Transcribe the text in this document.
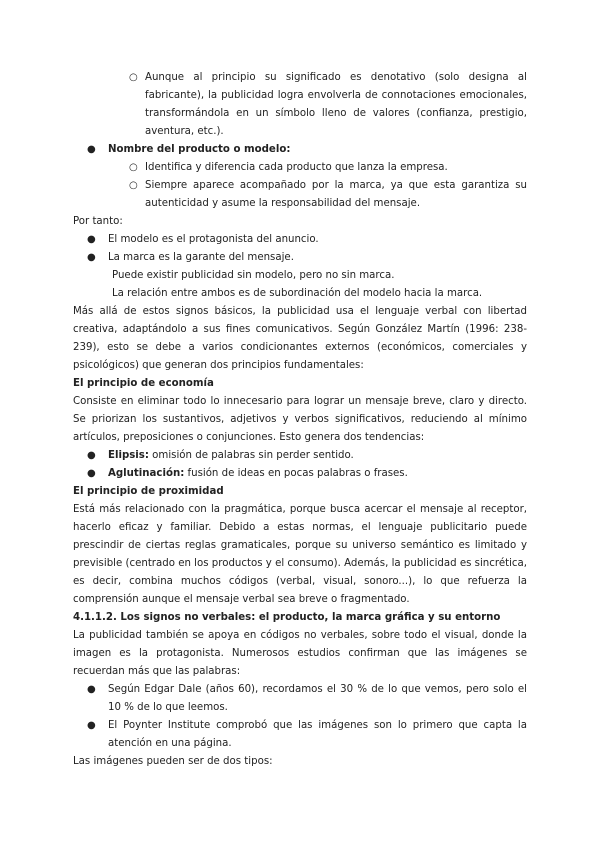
○ Aunque al principio su significado es denotativo (solo designa al fabricante), la publicidad logra envolverla de connotaciones emocionales, transformándola en un símbolo lleno de valores (confianza, prestigio, aventura, etc.).
● Nombre del producto o modelo:
○ Identifica y diferencia cada producto que lanza la empresa.
○ Siempre aparece acompañado por la marca, ya que esta garantiza su autenticidad y asume la responsabilidad del mensaje.

Por tanto:

● El modelo es el protagonista del anuncio.
● La marca es la garante del mensaje.

Puede existir publicidad sin modelo, pero no sin marca.

La relación entre ambos es de subordinación del modelo hacia la marca.

Más allá de estos signos básicos, la publicidad usa el lenguaje verbal con libertad creativa, adaptándolo a sus fines comunicativos. Según González Martín (1996: 238-239), esto se debe a varios condicionantes externos (económicos, comerciales y psicológicos) que generan dos principios fundamentales:

El principio de economía

Consiste en eliminar todo lo innecesario para lograr un mensaje breve, claro y directo. Se priorizan los sustantivos, adjetivos y verbos significativos, reduciendo al mínimo artículos, preposiciones o conjunciones. Esto genera dos tendencias:

● Elipsis: omisión de palabras sin perder sentido.
● Aglutinación: fusión de ideas en pocas palabras o frases.

El principio de proximidad

Está más relacionado con la pragmática, porque busca acercar el mensaje al receptor, hacerlo eficaz y familiar. Debido a estas normas, el lenguaje publicitario puede prescindir de ciertas reglas gramaticales, porque su universo semántico es limitado y previsible (centrado en los productos y el consumo). Además, la publicidad es sincrética, es decir, combina muchos códigos (verbal, visual, sonoro...), lo que refuerza la comprensión aunque el mensaje verbal sea breve o fragmentado.

4.1.1.2. Los signos no verbales: el producto, la marca gráfica y su entorno

La publicidad también se apoya en códigos no verbales, sobre todo el visual, donde la imagen es la protagonista. Numerosos estudios confirman que las imágenes se recuerdan más que las palabras:

● Según Edgar Dale (años 60), recordamos el 30 % de lo que vemos, pero solo el 10 % de lo que leemos.
● El Poynter Institute comprobó que las imágenes son lo primero que capta la atención en una página.

Las imágenes pueden ser de dos tipos:
